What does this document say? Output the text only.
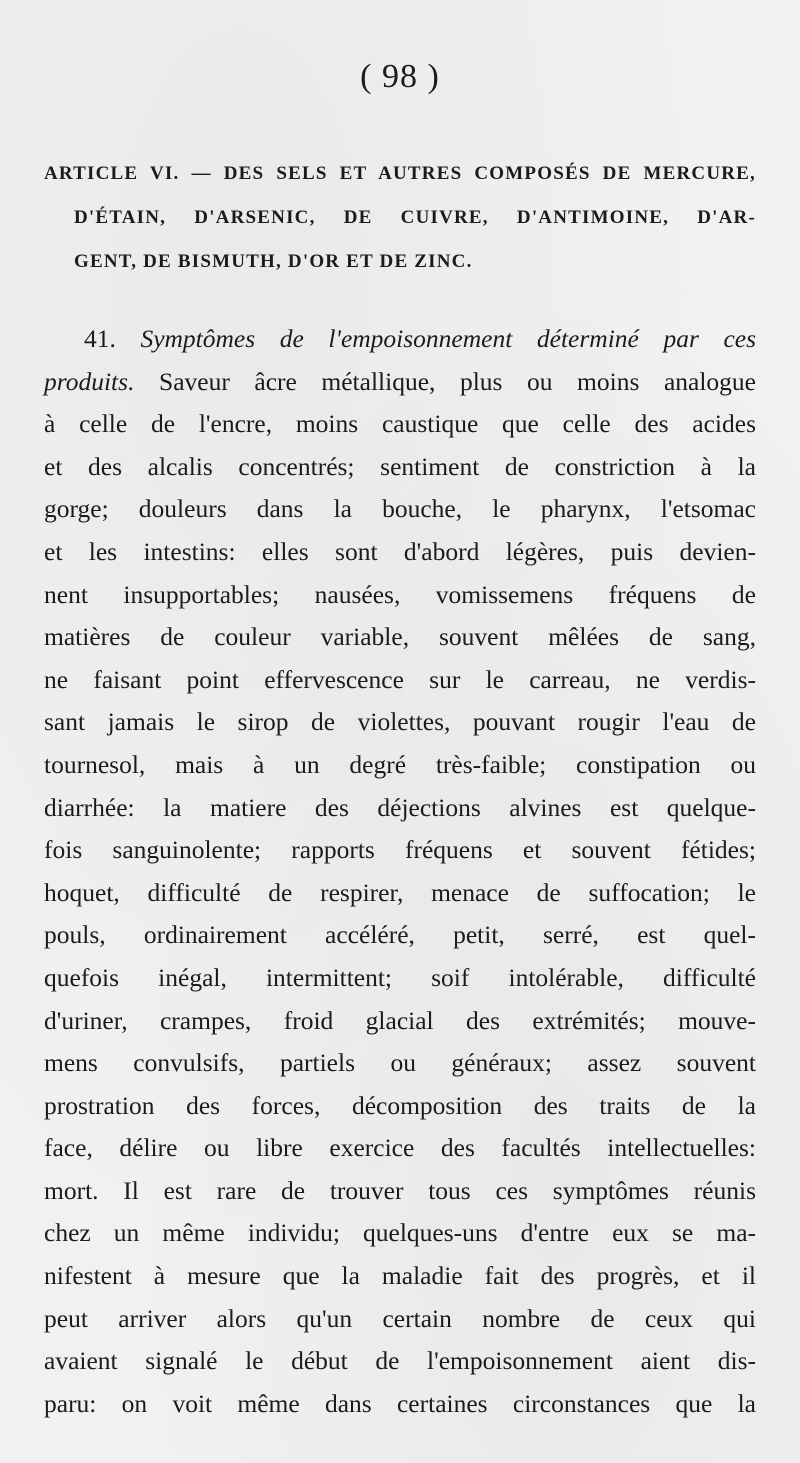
( 98 )
ARTICLE VI. — DES SELS ET AUTRES COMPOSÉS DE MERCURE,
D'ÉTAIN, D'ARSENIC, DE CUIVRE, D'ANTIMOINE, D'AR-
GENT, DE BISMUTH, D'OR ET DE ZINC.
41. Symptômes de l'empoisonnement déterminé par ces
produits. Saveur âcre métallique, plus ou moins analogue
à celle de l'encre, moins caustique que celle des acides
et des alcalis concentrés; sentiment de constriction à la
gorge; douleurs dans la bouche, le pharynx, l'etsomac
et les intestins: elles sont d'abord légères, puis devien-
nent insupportables; nausées, vomissemens fréquens de
matières de couleur variable, souvent mêlées de sang,
ne faisant point effervescence sur le carreau, ne verdis-
sant jamais le sirop de violettes, pouvant rougir l'eau de
tournesol, mais à un degré très-faible; constipation ou
diarrhée: la matiere des déjections alvines est quelque-
fois sanguinolente; rapports fréquens et souvent fétides;
hoquet, difficulté de respirer, menace de suffocation; le
pouls, ordinairement accéléré, petit, serré, est quel-
quefois inégal, intermittent; soif intolérable, difficulté
d'uriner, crampes, froid glacial des extrémités; mouve-
mens convulsifs, partiels ou généraux; assez souvent
prostration des forces, décomposition des traits de la
face, délire ou libre exercice des facultés intellectuelles:
mort. Il est rare de trouver tous ces symptômes réunis
chez un même individu; quelques-uns d'entre eux se ma-
nifestent à mesure que la maladie fait des progrès, et il
peut arriver alors qu'un certain nombre de ceux qui
avaient signalé le début de l'empoisonnement aient dis-
paru: on voit même dans certaines circonstances que la
